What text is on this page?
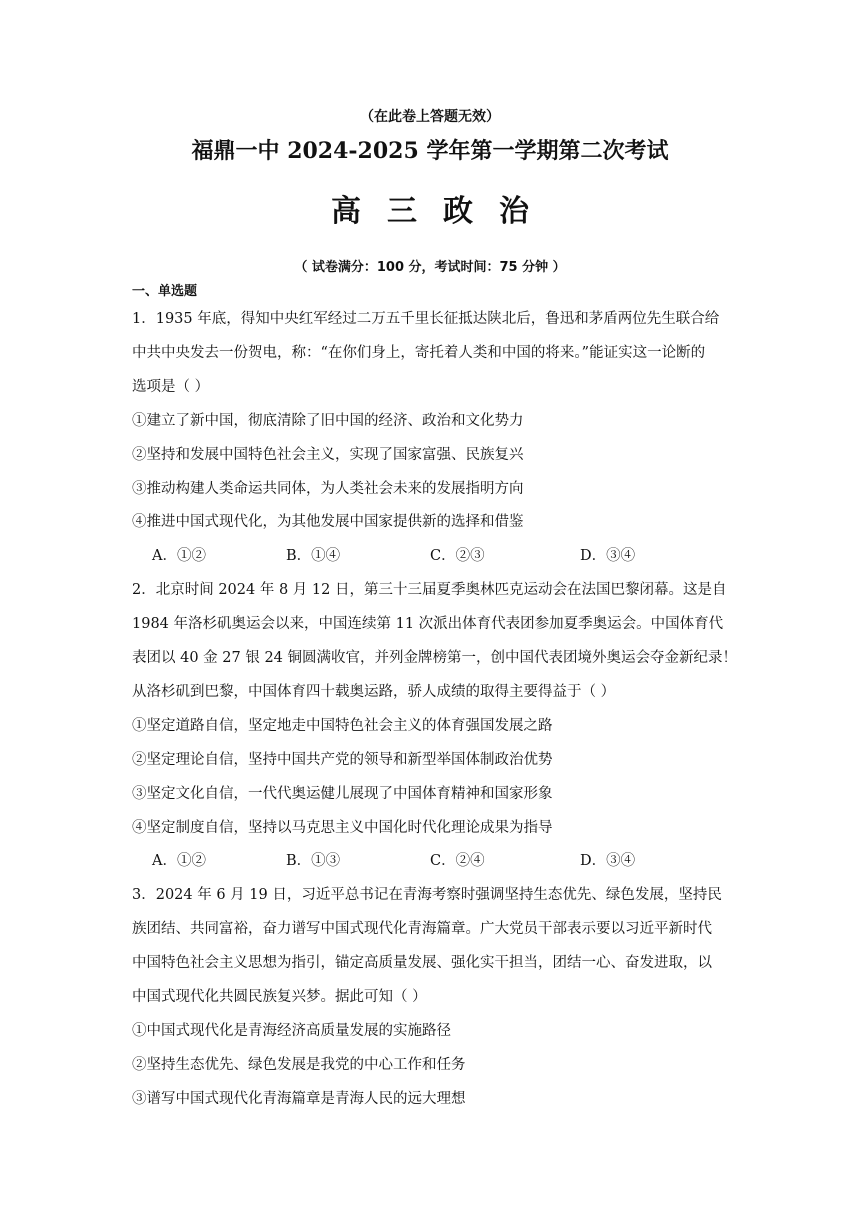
（在此卷上答题无效）
福鼎一中 2024-2025 学年第一学期第二次考试
高三政治
（ 试卷满分：100 分，考试时间：75 分钟 ）
一、单选题
1．1935 年底，得知中央红军经过二万五千里长征抵达陕北后，鲁迅和茅盾两位先生联合给
中共中央发去一份贺电，称：“在你们身上，寄托着人类和中国的将来。”能证实这一论断的
选项是（ ）
①建立了新中国，彻底清除了旧中国的经济、政治和文化势力
②坚持和发展中国特色社会主义，实现了国家富强、民族复兴
③推动构建人类命运共同体，为人类社会未来的发展指明方向
④推进中国式现代化，为其他发展中国家提供新的选择和借鉴
A．①②	B．①④	C．②③	D．③④
2．北京时间 2024 年 8 月 12 日，第三十三届夏季奥林匹克运动会在法国巴黎闭幕。这是自
1984 年洛杉矶奥运会以来，中国连续第 11 次派出体育代表团参加夏季奥运会。中国体育代
表团以 40 金 27 银 24 铜圆满收官，并列金牌榜第一，创中国代表团境外奥运会夺金新纪录！
从洛杉矶到巴黎，中国体育四十载奥运路，骄人成绩的取得主要得益于（ ）
①坚定道路自信，坚定地走中国特色社会主义的体育强国发展之路
②坚定理论自信，坚持中国共产党的领导和新型举国体制政治优势
③坚定文化自信，一代代奥运健儿展现了中国体育精神和国家形象
④坚定制度自信，坚持以马克思主义中国化时代化理论成果为指导
A．①②	B．①③	C．②④	D．③④
3．2024 年 6 月 19 日，习近平总书记在青海考察时强调坚持生态优先、绿色发展，坚持民
族团结、共同富裕，奋力谱写中国式现代化青海篇章。广大党员干部表示要以习近平新时代
中国特色社会主义思想为指引，锚定高质量发展、强化实干担当，团结一心、奋发进取，以
中国式现代化共圆民族复兴梦。据此可知（ ）
①中国式现代化是青海经济高质量发展的实施路径
②坚持生态优先、绿色发展是我党的中心工作和任务
③谱写中国式现代化青海篇章是青海人民的远大理想
